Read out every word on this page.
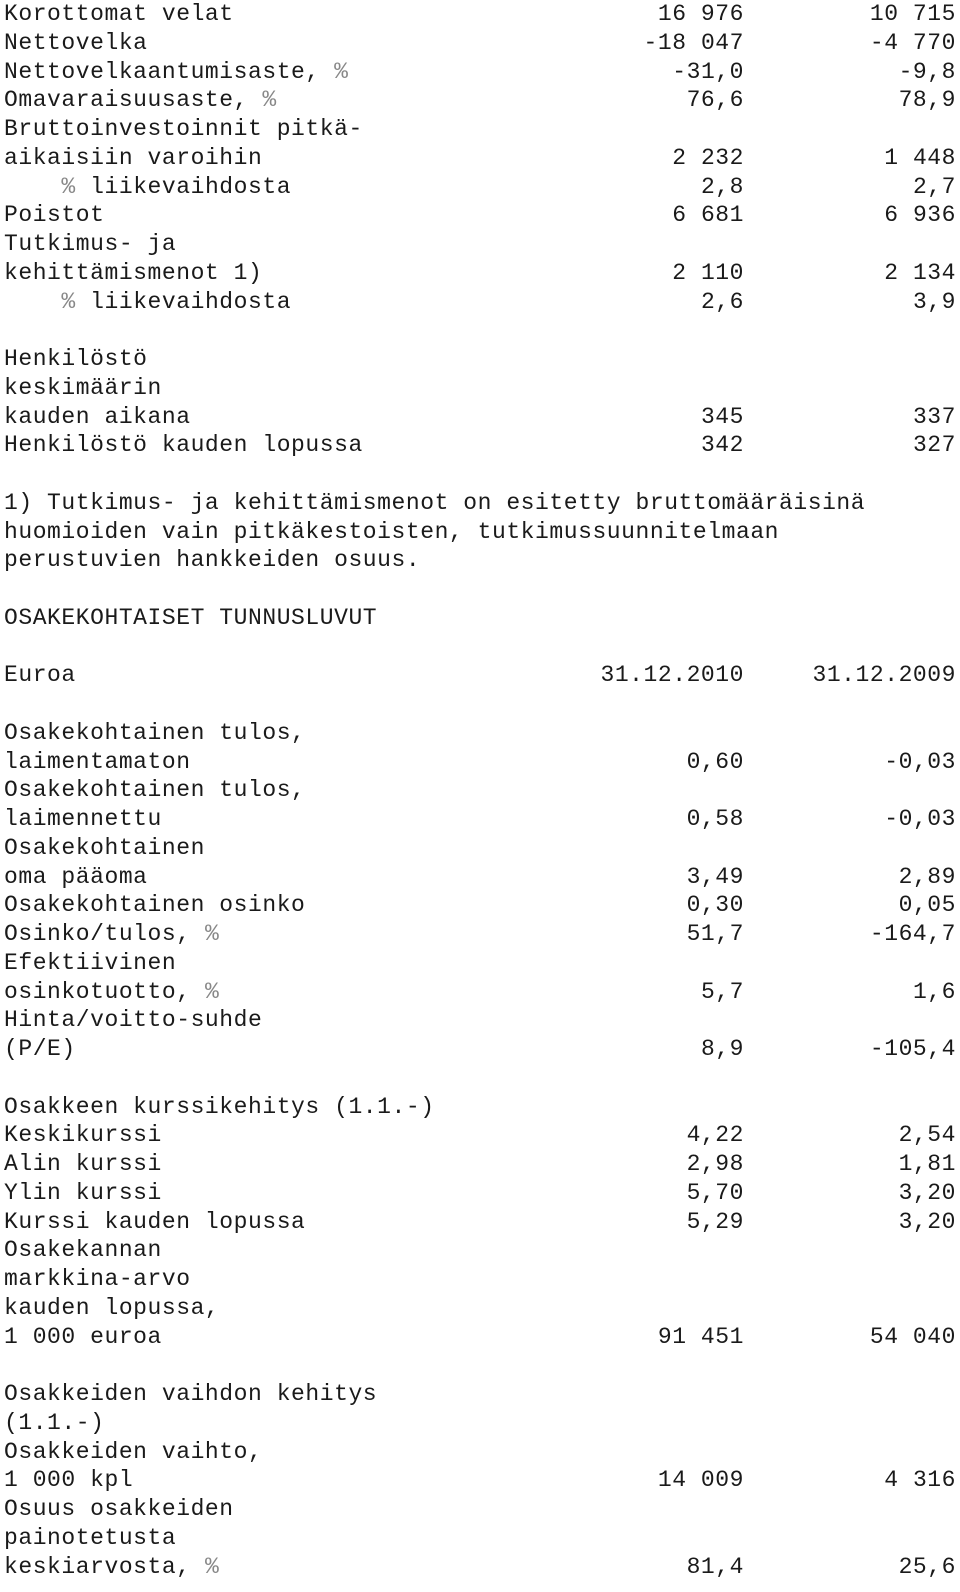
Korottomat velat	16 976	10 715
Nettovelka	-18 047	-4 770
Nettovelkaantumisaste, %	-31,0	-9,8
Omavaraisuusaste, %	76,6	78,9
Bruttoinvestoinnit pitkä-
aikaisiin varoihin	2 232	1 448
% liikevaihdosta	2,8	2,7
Poistot	6 681	6 936
Tutkimus- ja
kehittämismenot 1)	2 110	2 134
% liikevaihdosta	2,6	3,9
Henkilöstö
keskimäärin
kauden aikana	345	337
Henkilöstö kauden lopussa	342	327
1) Tutkimus- ja kehittämismenot on esitetty bruttomääräisinä
huomioiden vain pitkäkestoisten, tutkimussuunnitelmaan
perustuvien hankkeiden osuus.
OSAKEKOHTAISET TUNNUSLUVUT
Euroa	31.12.2010	31.12.2009
Osakekohtainen tulos,
laimentamaton	0,60	-0,03
Osakekohtainen tulos,
laimennettu	0,58	-0,03
Osakekohtainen
oma pääoma	3,49	2,89
Osakekohtainen osinko	0,30	0,05
Osinko/tulos, %	51,7	-164,7
Efektiivinen
osinkotuotto, %	5,7	1,6
Hinta/voitto-suhde
(P/E)	8,9	-105,4
Osakkeen kurssikehitys (1.1.-)
Keskikurssi	4,22	2,54
Alin kurssi	2,98	1,81
Ylin kurssi	5,70	3,20
Kurssi kauden lopussa	5,29	3,20
Osakekannan
markkina-arvo
kauden lopussa,
1 000 euroa	91 451	54 040
Osakkeiden vaihdon kehitys
(1.1.-)
Osakkeiden vaihto,
1 000 kpl	14 009	4 316
Osuus osakkeiden
painotetusta
keskiarvosta, %	81,4	25,6
